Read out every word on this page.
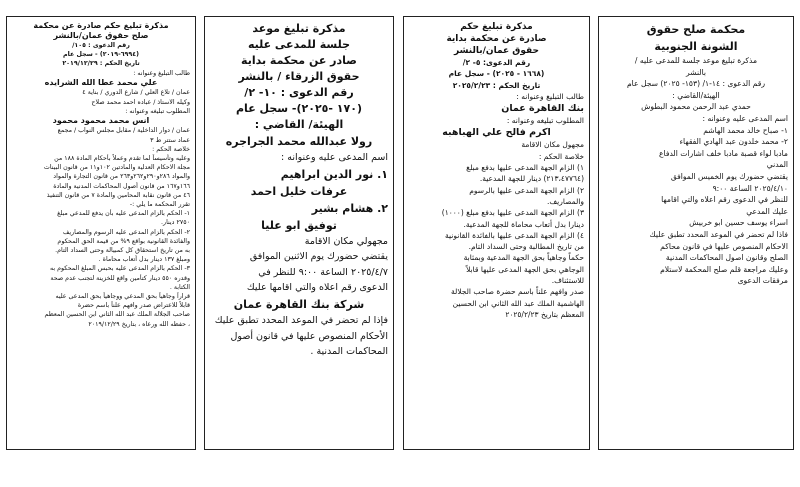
مذكرة تبليغ حكم صادرة عن محكمة
صلح حقوق عمان/بالنشر
رقم الدعوى : ١٠٥/
(٦٩٩٤-٢٠١٩) - سجل عام
تاريخ الحكم : ٢٠١٩/١٢/٢٩
طالب التبليغ وعنوانه :
علي محمد عطا الله الشرايده
عمان / تلاع العلي / شارع الدوري / بناية ٤
وكيله الاستاذ / عباده احمد محمد صلاح
المطلوب تبليغه وعنوانه :
انس محمد محمود محمود
عمان / دوار الداخلية / مقابل مجلس النواب / مجمع
عماد ستتر ط ٣
خلاصة الحكم :
وعليه وتأسيساً لما تقدم وعملاً بأحكام المادة ١٨٨ من
مجلة الاحكام العدلية والمادتين ١٠٢و١١ من قانون البينات
والمواد ٢٨٦و٢٩٠و٢٦٢و٢٦٣ من قانون التجارة والمواد
١٦٦و١٦٧ من قانون أصول المحاكمات المدنية والمادة
٤٦ من قانون نقابة المحامين والمادة ٧ من قانون التنفيذ
تقرر المحكمة ما يلي :-
١- الحكم بالزام المدعى عليه بأن يدفع للمدعي مبلغ
٢٧٥٠ دينار.
٢- الحكم بالزام المدعى عليه الرسوم والمصاريف
والفائدة القانونية بواقع ٩% من قيمة الحق المحكوم
به من تاريخ استحقاق كل كمبيالة وحتى السداد التام.
ومبلغ ١٣٧ دينار بدل أتعاب محاماة .
٣- الحكم بالزام المدعى عليه بحبس المبلغ المحكوم به
وقدره ٥٥٠ دينار كتأمين واقع للخزينة لتجنب عدم صحة
الكتابة .
قراراً وجاهياً بحق المدعي ووجاهياً بحق المدعى عليه
قابلاً للاعتراض صدر وافهم علناً باسم حضرة
صاحب الجلالة الملك عبد الله الثاني ابن الحسين المعظم
، حفظه الله ورعاه ، بتاريخ ٢٠١٩/١٢/٢٩
مذكرة تبليغ موعد
جلسة للمدعى عليه
صادر عن محكمة بداية
حقوق الزرقاء / بالنشر
رقم الدعوى : ١٠- ٢/
(١٧٠ -٢٠٢٥)- سجل عام
الهيئة/ القاضي :
رولا عبدالله محمد الجراجره
اسم المدعى عليه وعنوانه :
١. نور الدين ابراهيم
عرفات خليل احمد
٢. هشام بشير
توفيق ابو عليا
مجهولي مكان الاقامة
يقتضي حضورك يوم الاثنين الموافق
٢٠٢٥/٤/٧ الساعة ٩:٠٠ للنظر في
الدعوى رقم اعلاه والتي اقامها عليك
شركة بنك القاهرة عمان
فإذا لم تحضر في الموعد المحدد تطبق عليك
الأحكام المنصوص عليها في قانون أصول
المحاكمات المدنية .
مذكرة تبليغ حكم
صادرة عن محكمة بداية
حقوق عمان/بالنشر
رقم الدعوى: ٥- ٢/
(١٦٦٨ - ٢٠٢٥) - سجل عام
تاريخ الحكم : ٢٠٢٥/٢/٢٣
طالب التبليغ وعنوانه :
بنك القاهرة عمان
المطلوب تبليغه وعنوانه :
اكرم فالح علي الهباهبه
مجهول مكان الاقامة
خلاصة الحكم :
١) الزام الجهة المدعى عليها بدفع مبلغ
(٢١٣،٤٧٧٦٤) دينار للجهة المدعية.
٢) الزام الجهة المدعى عليها بالرسوم
والمصاريف.
٣) الزام الجهة المدعى عليها بدفع مبلغ (١٠٠٠)
دينارا بدل أتعاب محاماة للجهة المدعية.
٤) الزام الجهة المدعى عليها بالفائدة القانونية
من تاريخ المطالبة وحتى السداد التام.
حكماً وجاهياً بحق الجهة المدعية وبمثابة
الوجاهي بحق الجهة المدعى عليها قابلاً
للاستئناف.
صدر وافهم علناً باسم حضرة صاحب الجلالة
الهاشمية الملك عبد الله الثاني ابن الحسين
المعظم بتاريخ ٢٠٢٥/٢/٢٣
محكمة صلح حقوق
الشونة الجنوبية
مذكرة تبليغ موعد جلسة للمدعى عليه /
بالنشر
رقم الدعوى : ١٤-١/ (١٥٣- ٢٠٢٥) سجل عام
الهيئة/القاضي :
حمدي عبد الرحمن محمود البطوش
اسم المدعى عليه وعنوانه :
١- صباح خالد محمد الهاشم
٢- محمد خلدون عبد الهادي الفقهاء
مادبا لواء قصبة مادبا خلف اشارات الدفاع
المدني
يقتضي حضورك يوم الخميس الموافق
٢٠٢٥/٤/١٠ الساعة ٩:٠٠
للنظر في الدعوى رقم اعلاه والتي اقامها
عليك المدعي
اسراء يوسف حسين ابو خربيش
فاذا لم تحضر في الموعد المحدد تطبق عليك
الاحكام المنصوص عليها في قانون محاكم
الصلح وقانون اصول المحاكمات المدنية
وعليك مراجعة قلم صلح المحكمة لاستلام
مرفقات الدعوى
